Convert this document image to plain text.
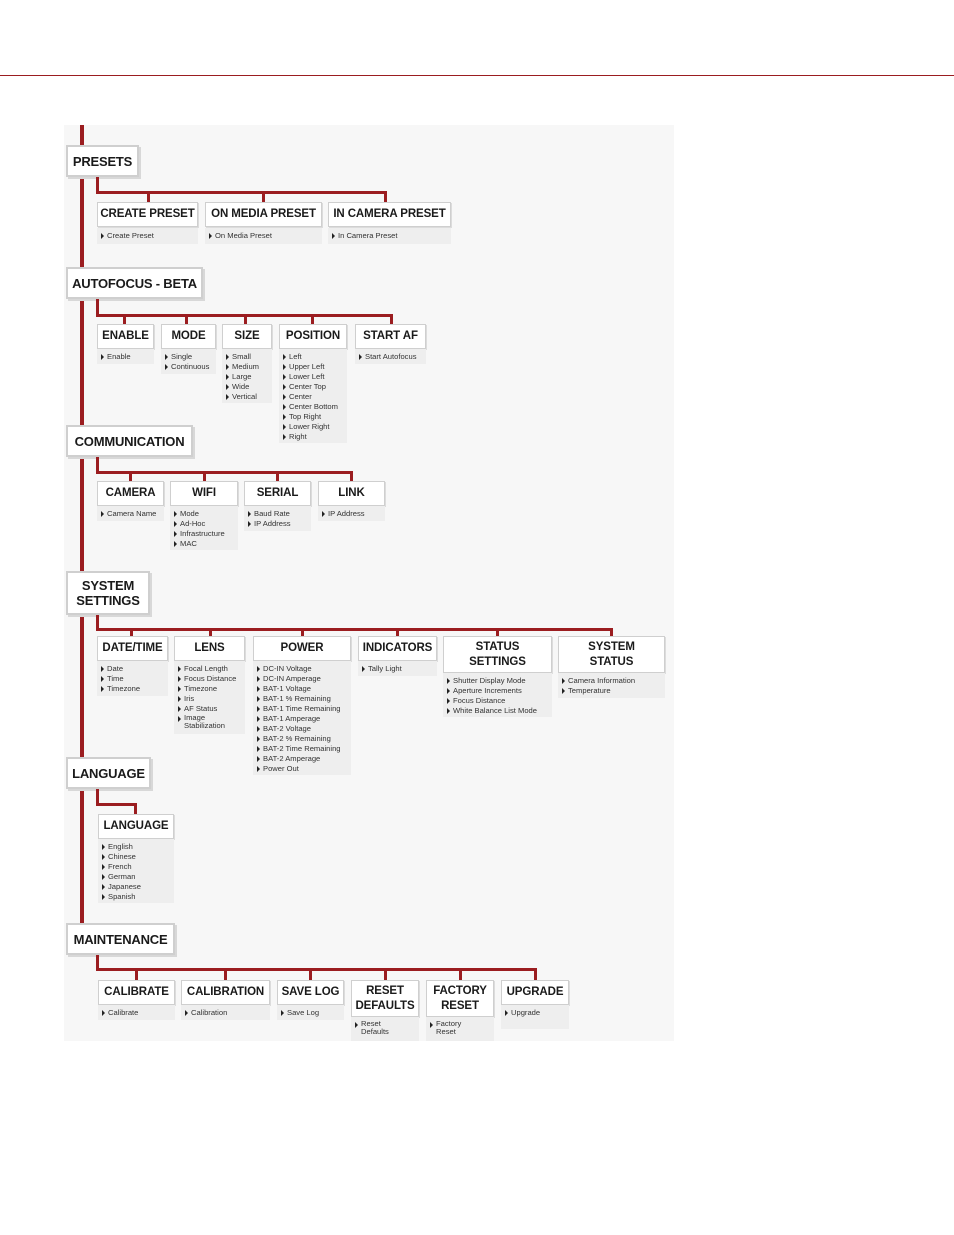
PRESETS
CREATE PRESET
Create Preset
ON MEDIA PRESET
On Media Preset
IN CAMERA PRESET
In Camera Preset
AUTOFOCUS - BETA
ENABLE
Enable
MODE
Single
Continuous
SIZE
Small
Medium
Large
Wide
Vertical
POSITION
Left
Upper Left
Lower Left
Center Top
Center
Center Bottom
Top Right
Lower Right
Right
START AF
Start Autofocus
COMMUNICATION
CAMERA
Camera Name
WIFI
Mode
Ad-Hoc
Infrastructure
MAC
SERIAL
Baud Rate
IP Address
LINK
IP Address
SYSTEM SETTINGS
DATE/TIME
Date
Time
Timezone
LENS
Focal Length
Focus Distance
Timezone
Iris
AF Status
Image
Stabilization
POWER
DC-IN Voltage
DC-IN Amperage
BAT-1 Voltage
BAT-1 % Remaining
BAT-1 Time Remaining
BAT-1 Amperage
BAT-2 Voltage
BAT-2 % Remaining
BAT-2 Time Remaining
BAT-2 Amperage
Power Out
INDICATORS
Tally Light
STATUS SETTINGS
Shutter Display Mode
Aperture Increments
Focus Distance
White Balance List Mode
SYSTEM STATUS
Camera Information
Temperature
LANGUAGE
LANGUAGE
English
Chinese
French
German
Japanese
Spanish
MAINTENANCE
CALIBRATE
Calibrate
CALIBRATION
Calibration
SAVE LOG
Save Log
RESET DEFAULTS
Reset
Defaults
FACTORY RESET
Factory
Reset
UPGRADE
Upgrade
